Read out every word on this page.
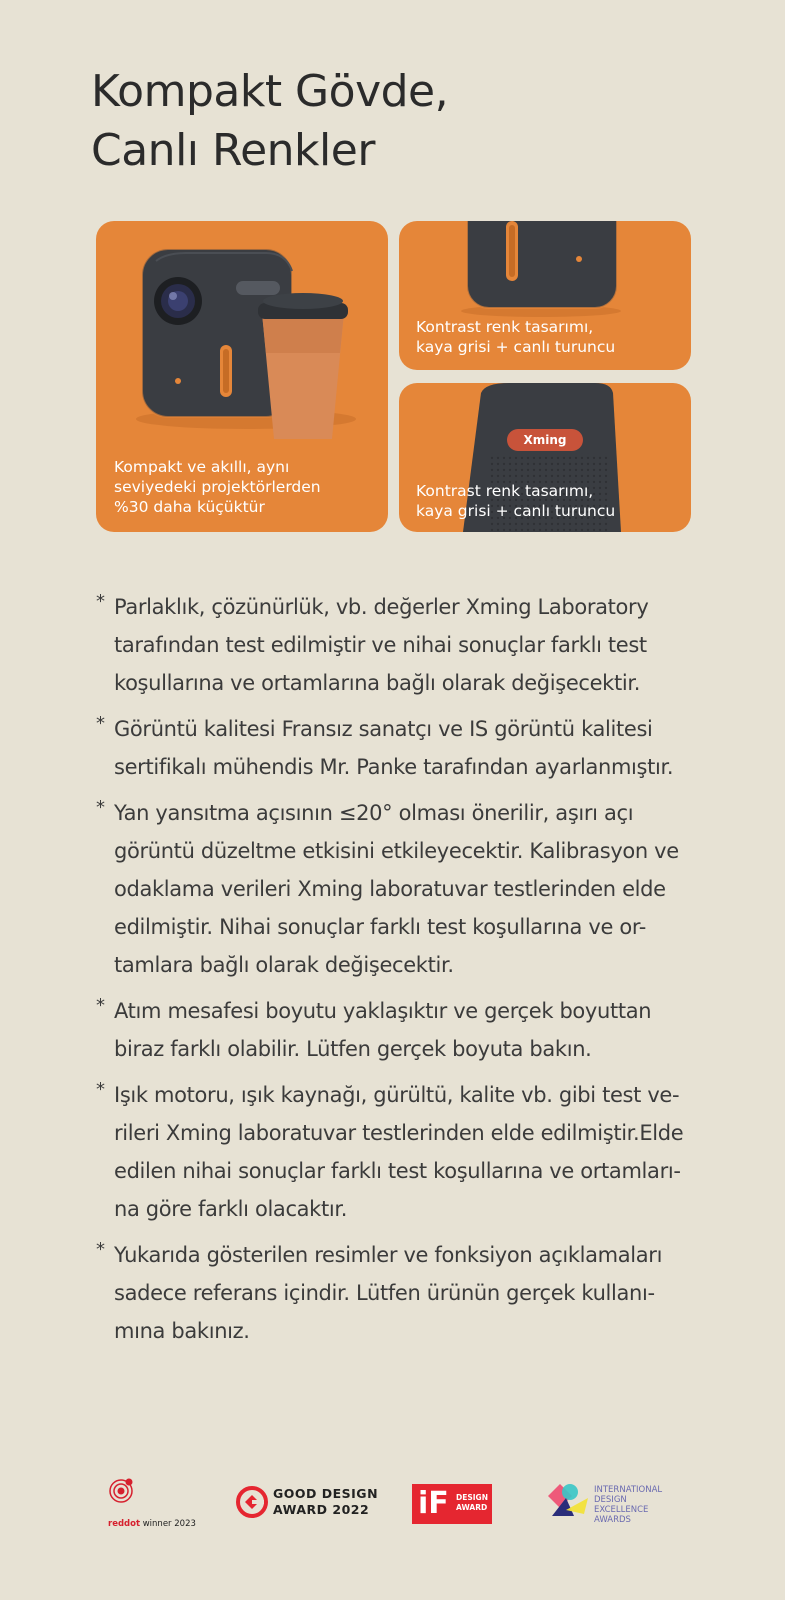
Kompakt Gövde,
Canlı Renkler
Kompakt ve akıllı, aynı
seviyedeki projektörlerden
%30 daha küçüktür
Kontrast renk tasarımı,
kaya grisi + canlı turuncu
Xming
Kontrast renk tasarımı,
kaya grisi + canlı turuncu
* Parlaklık, çözünürlük, vb. değerler Xming Laboratory
tarafından test edilmiştir ve nihai sonuçlar farklı test
koşullarına ve ortamlarına bağlı olarak değişecektir.
* Görüntü kalitesi Fransız sanatçı ve IS görüntü kalitesi
sertifikalı mühendis Mr. Panke tarafından ayarlanmıştır.
* Yan yansıtma açısının ≤20° olması önerilir, aşırı açı
görüntü düzeltme etkisini etkileyecektir. Kalibrasyon ve
odaklama verileri Xming laboratuvar testlerinden elde
edilmiştir. Nihai sonuçlar farklı test koşullarına ve or-
tamlara bağlı olarak değişecektir.
* Atım mesafesi boyutu yaklaşıktır ve gerçek boyuttan
biraz farklı olabilir. Lütfen gerçek boyuta bakın.
* Işık motoru, ışık kaynağı, gürültü, kalite vb. gibi test ve-
rileri Xming laboratuvar testlerinden elde edilmiştir.Elde
edilen nihai sonuçlar farklı test koşullarına ve ortamları-
na göre farklı olacaktır.
* Yukarıda gösterilen resimler ve fonksiyon açıklamaları
sadece referans içindir. Lütfen ürünün gerçek kullanı-
mına bakınız.
reddot winner 2023
GOOD DESIGN
AWARD 2022 iF DESIGN
AWARD
INTERNATIONAL
DESIGN
EXCELLENCE
AWARDS
